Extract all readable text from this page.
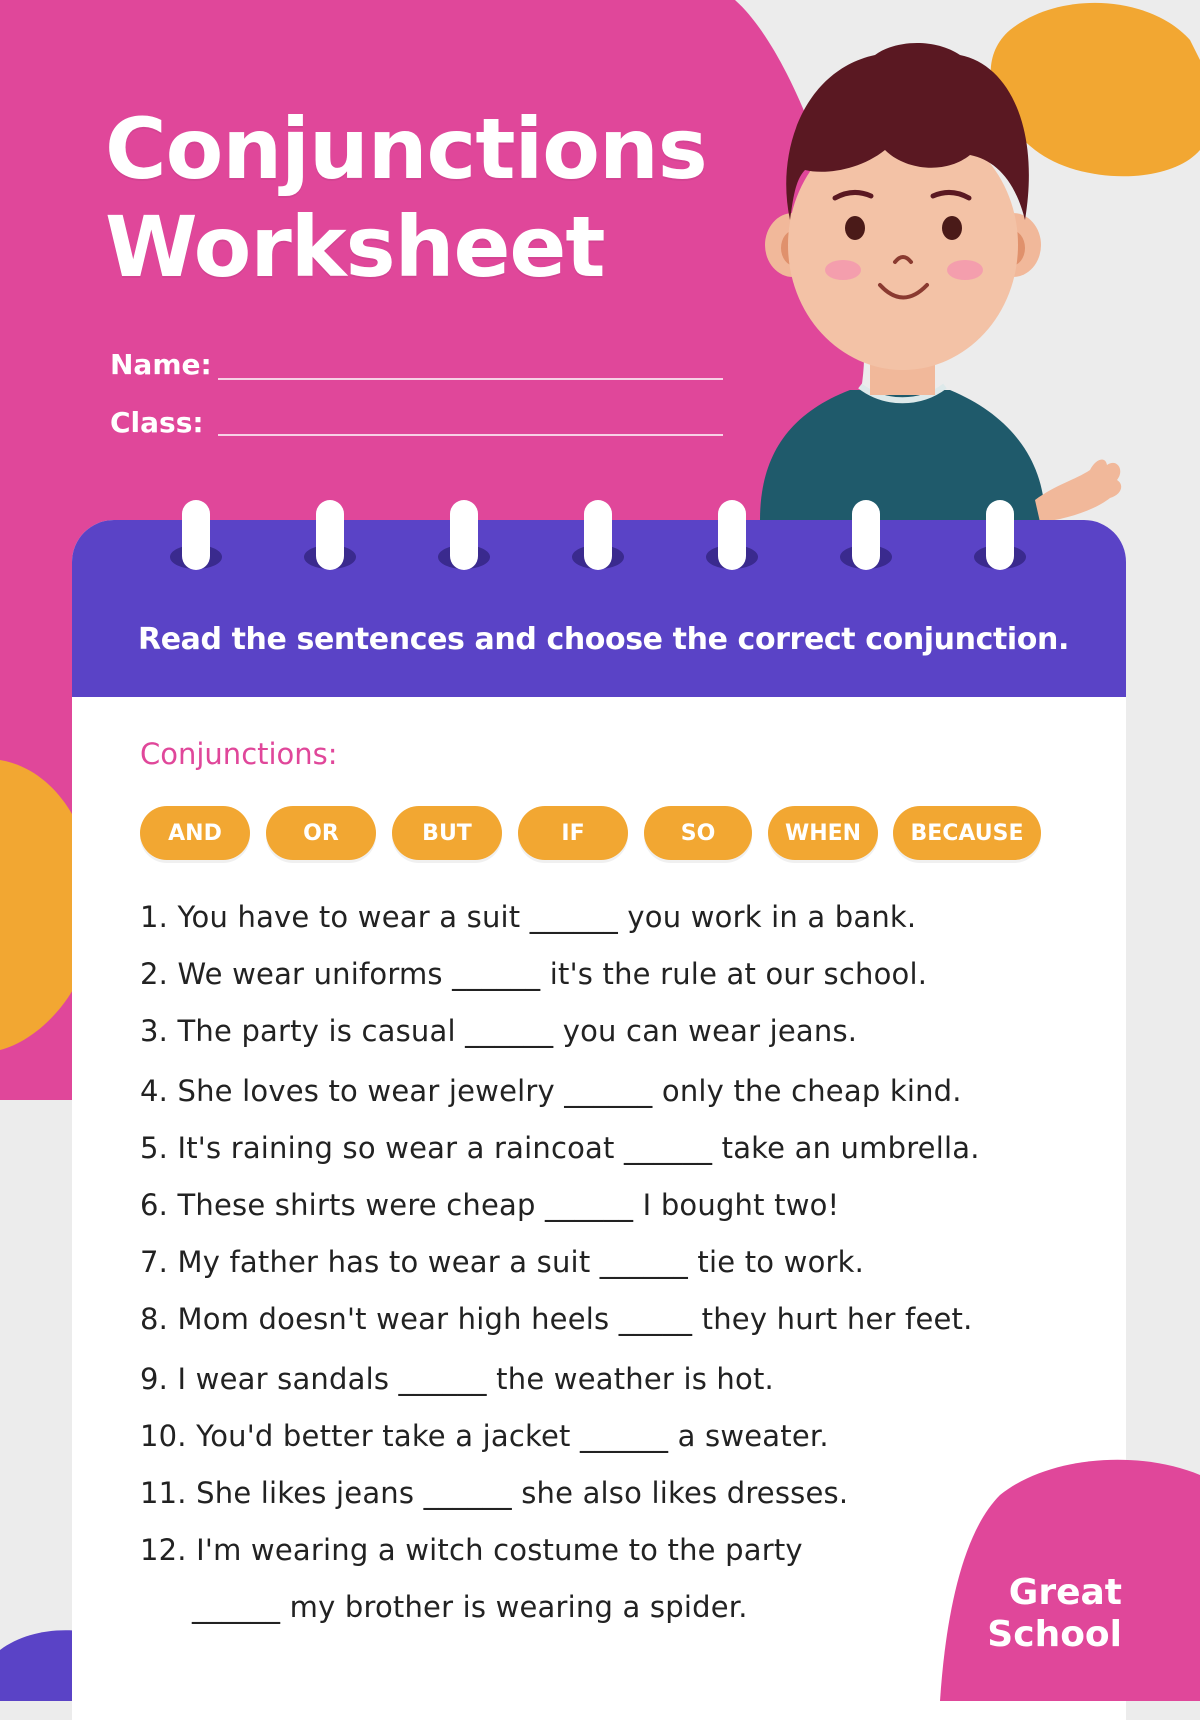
Conjunctions
Worksheet
Name:
Class:
Read the sentences and choose the correct conjunction.
Conjunctions:
AND	OR	BUT	IF	SO	WHEN	BECAUSE
1. You have to wear a suit ______ you work in a bank.
2. We wear uniforms ______ it's the rule at our school.
3. The party is casual ______ you can wear jeans.
4. She loves to wear jewelry ______ only the cheap kind.
5. It's raining so wear a raincoat ______ take an umbrella.
6. These shirts were cheap ______ I bought two!
7. My father has to wear a suit ______ tie to work.
8. Mom doesn't wear high heels _____ they hurt her feet.
9. I wear sandals ______ the weather is hot.
10. You'd better take a jacket ______ a sweater.
11. She likes jeans ______ she also likes dresses.
12. I'm wearing a witch costume to the party
______ my brother is wearing a spider.	Great
School
